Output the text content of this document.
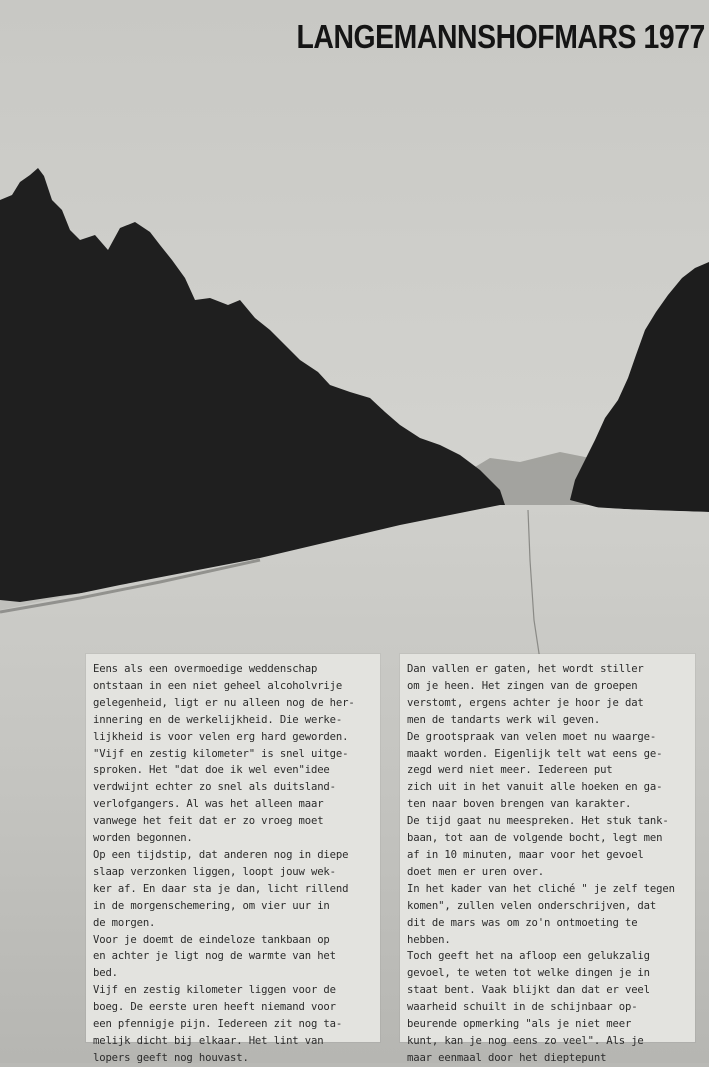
LANGEMANNSHOFMARS 1977

Eens als een overmoedige weddenschap
ontstaan in een niet geheel alcoholvrije
gelegenheid, ligt er nu alleen nog de her-
innering en de werkelijkheid. Die werke-
lijkheid is voor velen erg hard geworden.
"Vijf en zestig kilometer" is snel uitge-
sproken. Het "dat doe ik wel even"idee
verdwijnt echter zo snel als duitsland-
verlofgangers. Al was het alleen maar
vanwege het feit dat er zo vroeg moet
worden begonnen.

Op een tijdstip, dat anderen nog in diepe
slaap verzonken liggen, loopt jouw wek-
ker af. En daar sta je dan, licht rillend
in de morgenschemering, om vier uur in
de morgen.

Voor je doemt de eindeloze tankbaan op
en achter je ligt nog de warmte van het
bed.

Vijf en zestig kilometer liggen voor de
boeg. De eerste uren heeft niemand voor
een pfennigje pijn. Iedereen zit nog ta-
melijk dicht bij elkaar. Het lint van
lopers geeft nog houvast.

Dan vallen er gaten, het wordt stiller
om je heen. Het zingen van de groepen
verstomt, ergens achter je hoor je dat
men de tandarts werk wil geven.

De grootspraak van velen moet nu waarge-
maakt worden. Eigenlijk telt wat eens ge-
zegd werd niet meer. Iedereen put
zich uit in het vanuit alle hoeken en ga-
ten naar boven brengen van karakter.

De tijd gaat nu meespreken. Het stuk tank-
baan, tot aan de volgende bocht, legt men
af in 10 minuten, maar voor het gevoel
doet men er uren over.

In het kader van het cliché " je zelf tegen
komen", zullen velen onderschrijven, dat
dit de mars was om zo'n ontmoeting te
hebben.

Toch geeft het na afloop een gelukzalig
gevoel, te weten tot welke dingen je in
staat bent. Vaak blijkt dan dat er veel
waarheid schuilt in de schijnbaar op-
beurende opmerking "als je niet meer
kunt, kan je nog eens zo veel". Als je
maar eenmaal door het dieptepunt
